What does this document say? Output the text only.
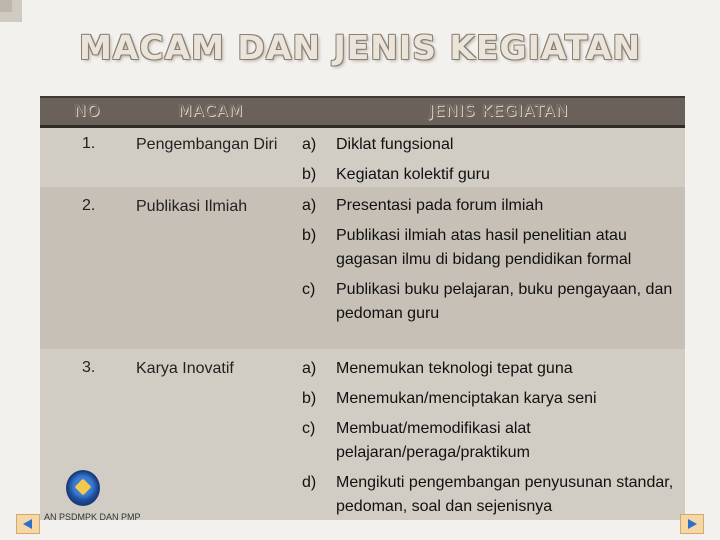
MACAM DAN JENIS KEGIATAN
NO	MACAM	JENIS KEGIATAN
1.	Pengembangan Diri	a) Diklat fungsional
b) Kegiatan kolektif guru
2.	Publikasi Ilmiah	a) Presentasi pada forum ilmiah
b) Publikasi ilmiah atas hasil penelitian atau gagasan ilmu di bidang pendidikan formal
c) Publikasi buku pelajaran, buku pengayaan, dan pedoman guru
3.	Karya Inovatif	a) Menemukan teknologi tepat guna
b) Menemukan/menciptakan karya seni
c) Membuat/memodifikasi alat pelajaran/peraga/praktikum
d) Mengikuti pengembangan penyusunan standar, pedoman, soal dan sejenisnya
AN PSDMPK DAN PMP
